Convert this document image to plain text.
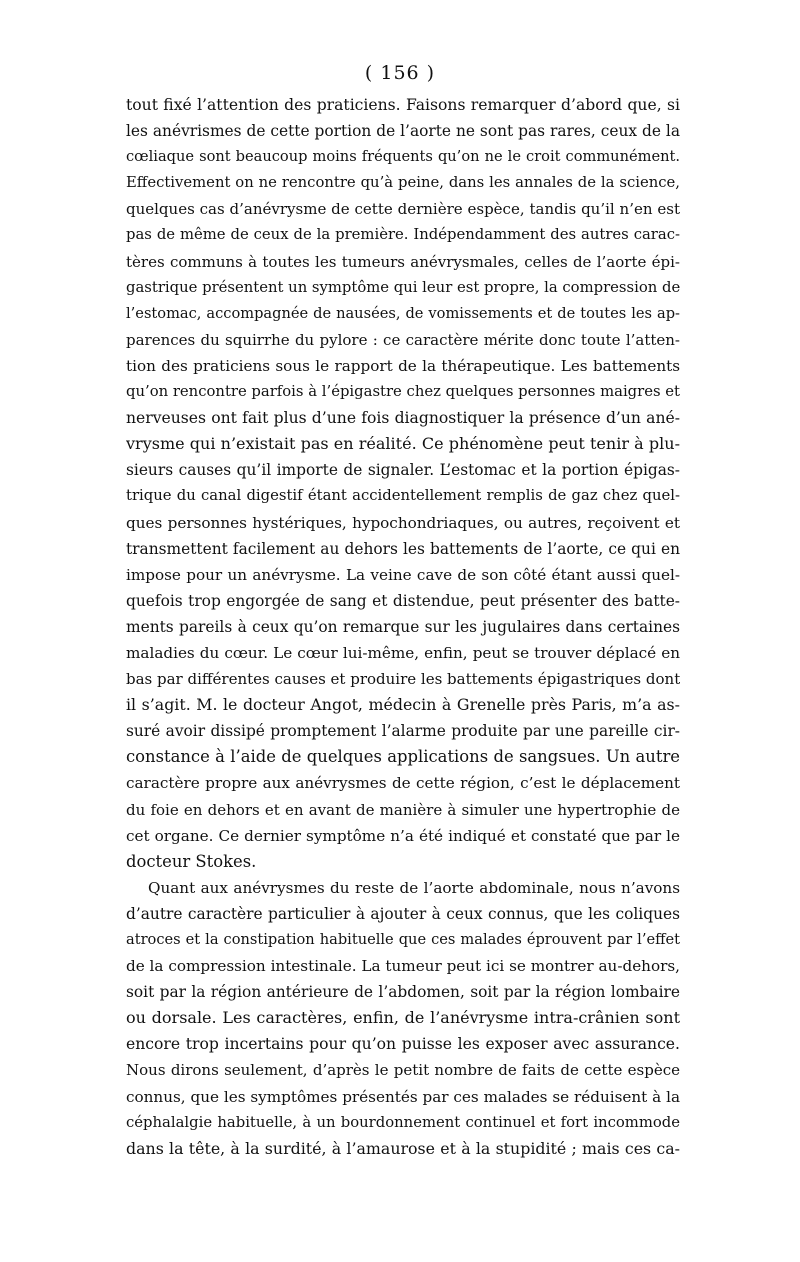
( 156 )
tout fixé l’attention des praticiens. Faisons remarquer d’abord que, si
les anévrismes de cette portion de l’aorte ne sont pas rares, ceux de la
cœliaque sont beaucoup moins fréquents qu’on ne le croit communément.
Effectivement on ne rencontre qu’à peine, dans les annales de la science,
quelques cas d’anévrysme de cette dernière espèce, tandis qu’il n’en est
pas de même de ceux de la première. Indépendamment des autres carac-
tères communs à toutes les tumeurs anévrysmales, celles de l’aorte épi-
gastrique présentent un symptôme qui leur est propre, la compression de
l’estomac, accompagnée de nausées, de vomissements et de toutes les ap-
parences du squirrhe du pylore : ce caractère mérite donc toute l’atten-
tion des praticiens sous le rapport de la thérapeutique. Les battements
qu’on rencontre parfois à l’épigastre chez quelques personnes maigres et
nerveuses ont fait plus d’une fois diagnostiquer la présence d’un ané-
vrysme qui n’existait pas en réalité. Ce phénomène peut tenir à plu-
sieurs causes qu’il importe de signaler. L’estomac et la portion épigas-
trique du canal digestif étant accidentellement remplis de gaz chez quel-
ques personnes hystériques, hypochondriaques, ou autres, reçoivent et
transmettent facilement au dehors les battements de l’aorte, ce qui en
impose pour un anévrysme. La veine cave de son côté étant aussi quel-
quefois trop engorgée de sang et distendue, peut présenter des batte-
ments pareils à ceux qu’on remarque sur les jugulaires dans certaines
maladies du cœur. Le cœur lui-même, enfin, peut se trouver déplacé en
bas par différentes causes et produire les battements épigastriques dont
il s’agit. M. le docteur Angot, médecin à Grenelle près Paris, m’a as-
suré avoir dissipé promptement l’alarme produite par une pareille cir-
constance à l’aide de quelques applications de sangsues. Un autre
caractère propre aux anévrysmes de cette région, c’est le déplacement
du foie en dehors et en avant de manière à simuler une hypertrophie de
cet organe. Ce dernier symptôme n’a été indiqué et constaté que par le
docteur Stokes.
Quant aux anévrysmes du reste de l’aorte abdominale, nous n’avons
d’autre caractère particulier à ajouter à ceux connus, que les coliques
atroces et la constipation habituelle que ces malades éprouvent par l’effet
de la compression intestinale. La tumeur peut ici se montrer au-dehors,
soit par la région antérieure de l’abdomen, soit par la région lombaire
ou dorsale. Les caractères, enfin, de l’anévrysme intra-crânien sont
encore trop incertains pour qu’on puisse les exposer avec assurance.
Nous dirons seulement, d’après le petit nombre de faits de cette espèce
connus, que les symptômes présentés par ces malades se réduisent à la
céphalalgie habituelle, à un bourdonnement continuel et fort incommode
dans la tête, à la surdité, à l’amaurose et à la stupidité ; mais ces ca-
